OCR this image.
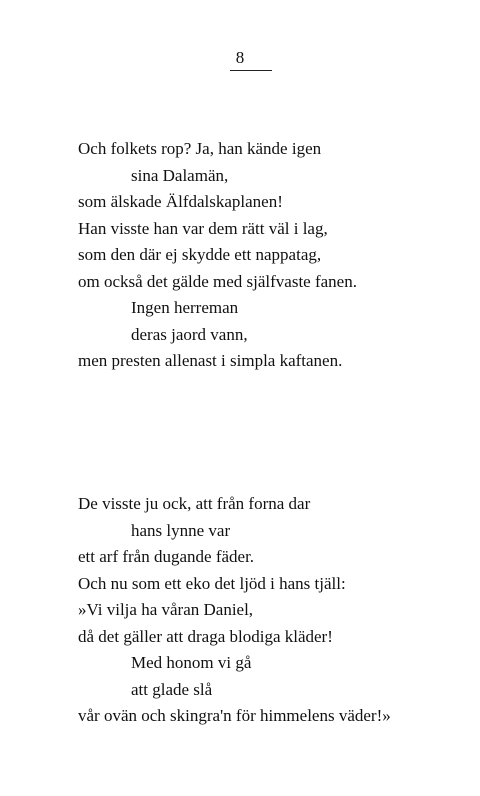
8
Och folkets rop? Ja, han kände igen
sina Dalamän,
som älskade Älfdalskaplanen!
Han visste han var dem rätt väl i lag,
som den där ej skydde ett nappatag,
om också det gälde med själfvaste fanen.
Ingen herreman
deras jaord vann,
men presten allenast i simpla kaftanen.
De visste ju ock, att från forna dar
hans lynne var
ett arf från dugande fäder.
Och nu som ett eko det ljöd i hans tjäll:
»Vi vilja ha våran Daniel,
då det gäller att draga blodiga kläder!
Med honom vi gå
att glade slå
vår ovän och skingra'n för himmelens väder!»
